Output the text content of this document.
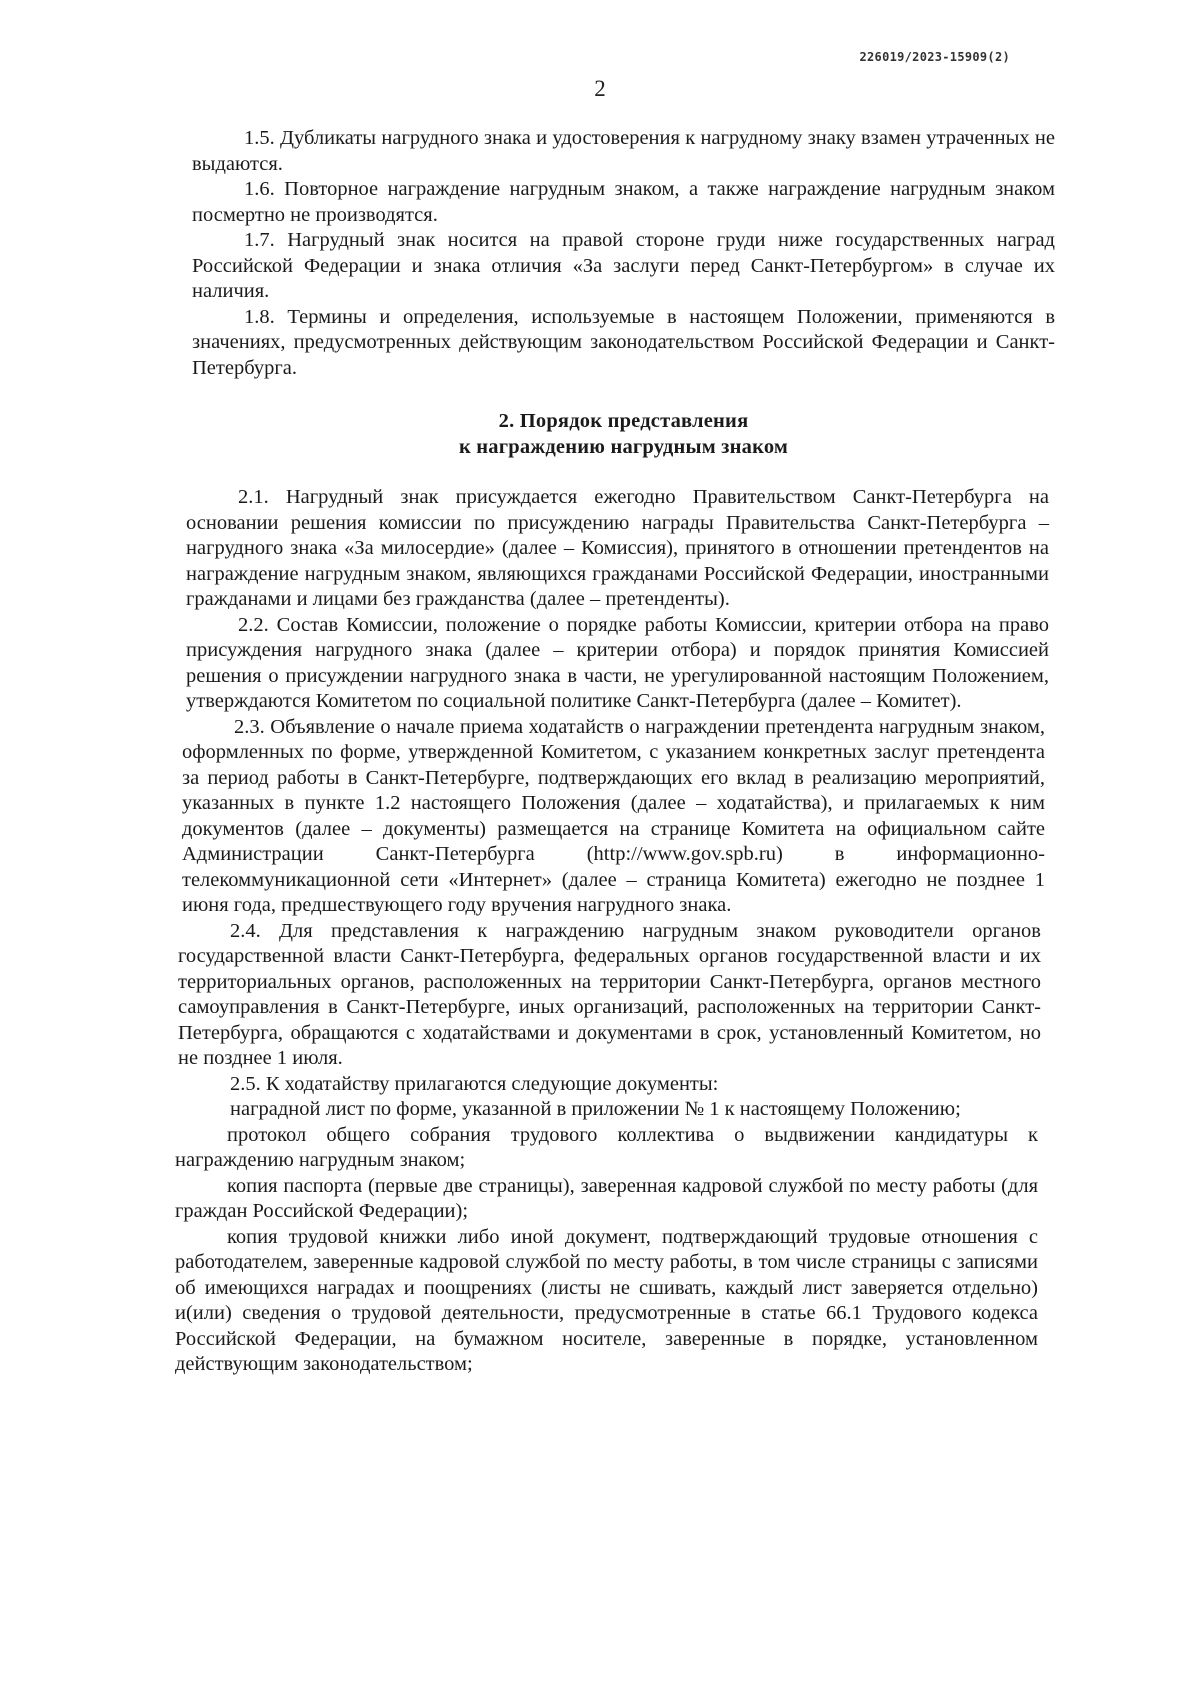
226019/2023-15909(2)
2

1.5. Дубликаты нагрудного знака и удостоверения к нагрудному знаку взамен утраченных не выдаются.

1.6. Повторное награждение нагрудным знаком, а также награждение нагрудным знаком посмертно не производятся.

1.7. Нагрудный знак носится на правой стороне груди ниже государственных наград Российской Федерации и знака отличия «За заслуги перед Санкт-Петербургом» в случае их наличия.

1.8. Термины и определения, используемые в настоящем Положении, применяются в значениях, предусмотренных действующим законодательством Российской Федерации и Санкт-Петербурга.

2. Порядок представления
к награждению нагрудным знаком

2.1. Нагрудный знак присуждается ежегодно Правительством Санкт-Петербурга на основании решения комиссии по присуждению награды Правительства Санкт-Петербурга – нагрудного знака «За милосердие» (далее – Комиссия), принятого в отношении претендентов на награждение нагрудным знаком, являющихся гражданами Российской Федерации, иностранными гражданами и лицами без гражданства (далее – претенденты).

2.2. Состав Комиссии, положение о порядке работы Комиссии, критерии отбора на право присуждения нагрудного знака (далее – критерии отбора) и порядок принятия Комиссией решения о присуждении нагрудного знака в части, не урегулированной настоящим Положением, утверждаются Комитетом по социальной политике Санкт-Петербурга (далее – Комитет).

2.3. Объявление о начале приема ходатайств о награждении претендента нагрудным знаком, оформленных по форме, утвержденной Комитетом, с указанием конкретных заслуг претендента за период работы в Санкт-Петербурге, подтверждающих его вклад в реализацию мероприятий, указанных в пункте 1.2 настоящего Положения (далее – ходатайства), и прилагаемых к ним документов (далее – документы) размещается на странице Комитета на официальном сайте Администрации Санкт-Петербурга (http://www.gov.spb.ru) в информационно-телекоммуникационной сети «Интернет» (далее – страница Комитета) ежегодно не позднее 1 июня года, предшествующего году вручения нагрудного знака.

2.4. Для представления к награждению нагрудным знаком руководители органов государственной власти Санкт-Петербурга, федеральных органов государственной власти и их территориальных органов, расположенных на территории Санкт-Петербурга, органов местного самоуправления в Санкт-Петербурге, иных организаций, расположенных на территории Санкт-Петербурга, обращаются с ходатайствами и документами в срок, установленный Комитетом, но не позднее 1 июля.

2.5. К ходатайству прилагаются следующие документы:

наградной лист по форме, указанной в приложении № 1 к настоящему Положению;

протокол общего собрания трудового коллектива о выдвижении кандидатуры к награждению нагрудным знаком;

копия паспорта (первые две страницы), заверенная кадровой службой по месту работы (для граждан Российской Федерации);

копия трудовой книжки либо иной документ, подтверждающий трудовые отношения с работодателем, заверенные кадровой службой по месту работы, в том числе страницы с записями об имеющихся наградах и поощрениях (листы не сшивать, каждый лист заверяется отдельно) и(или) сведения о трудовой деятельности, предусмотренные в статье 66.1 Трудового кодекса Российской Федерации, на бумажном носителе, заверенные в порядке, установленном действующим законодательством;
